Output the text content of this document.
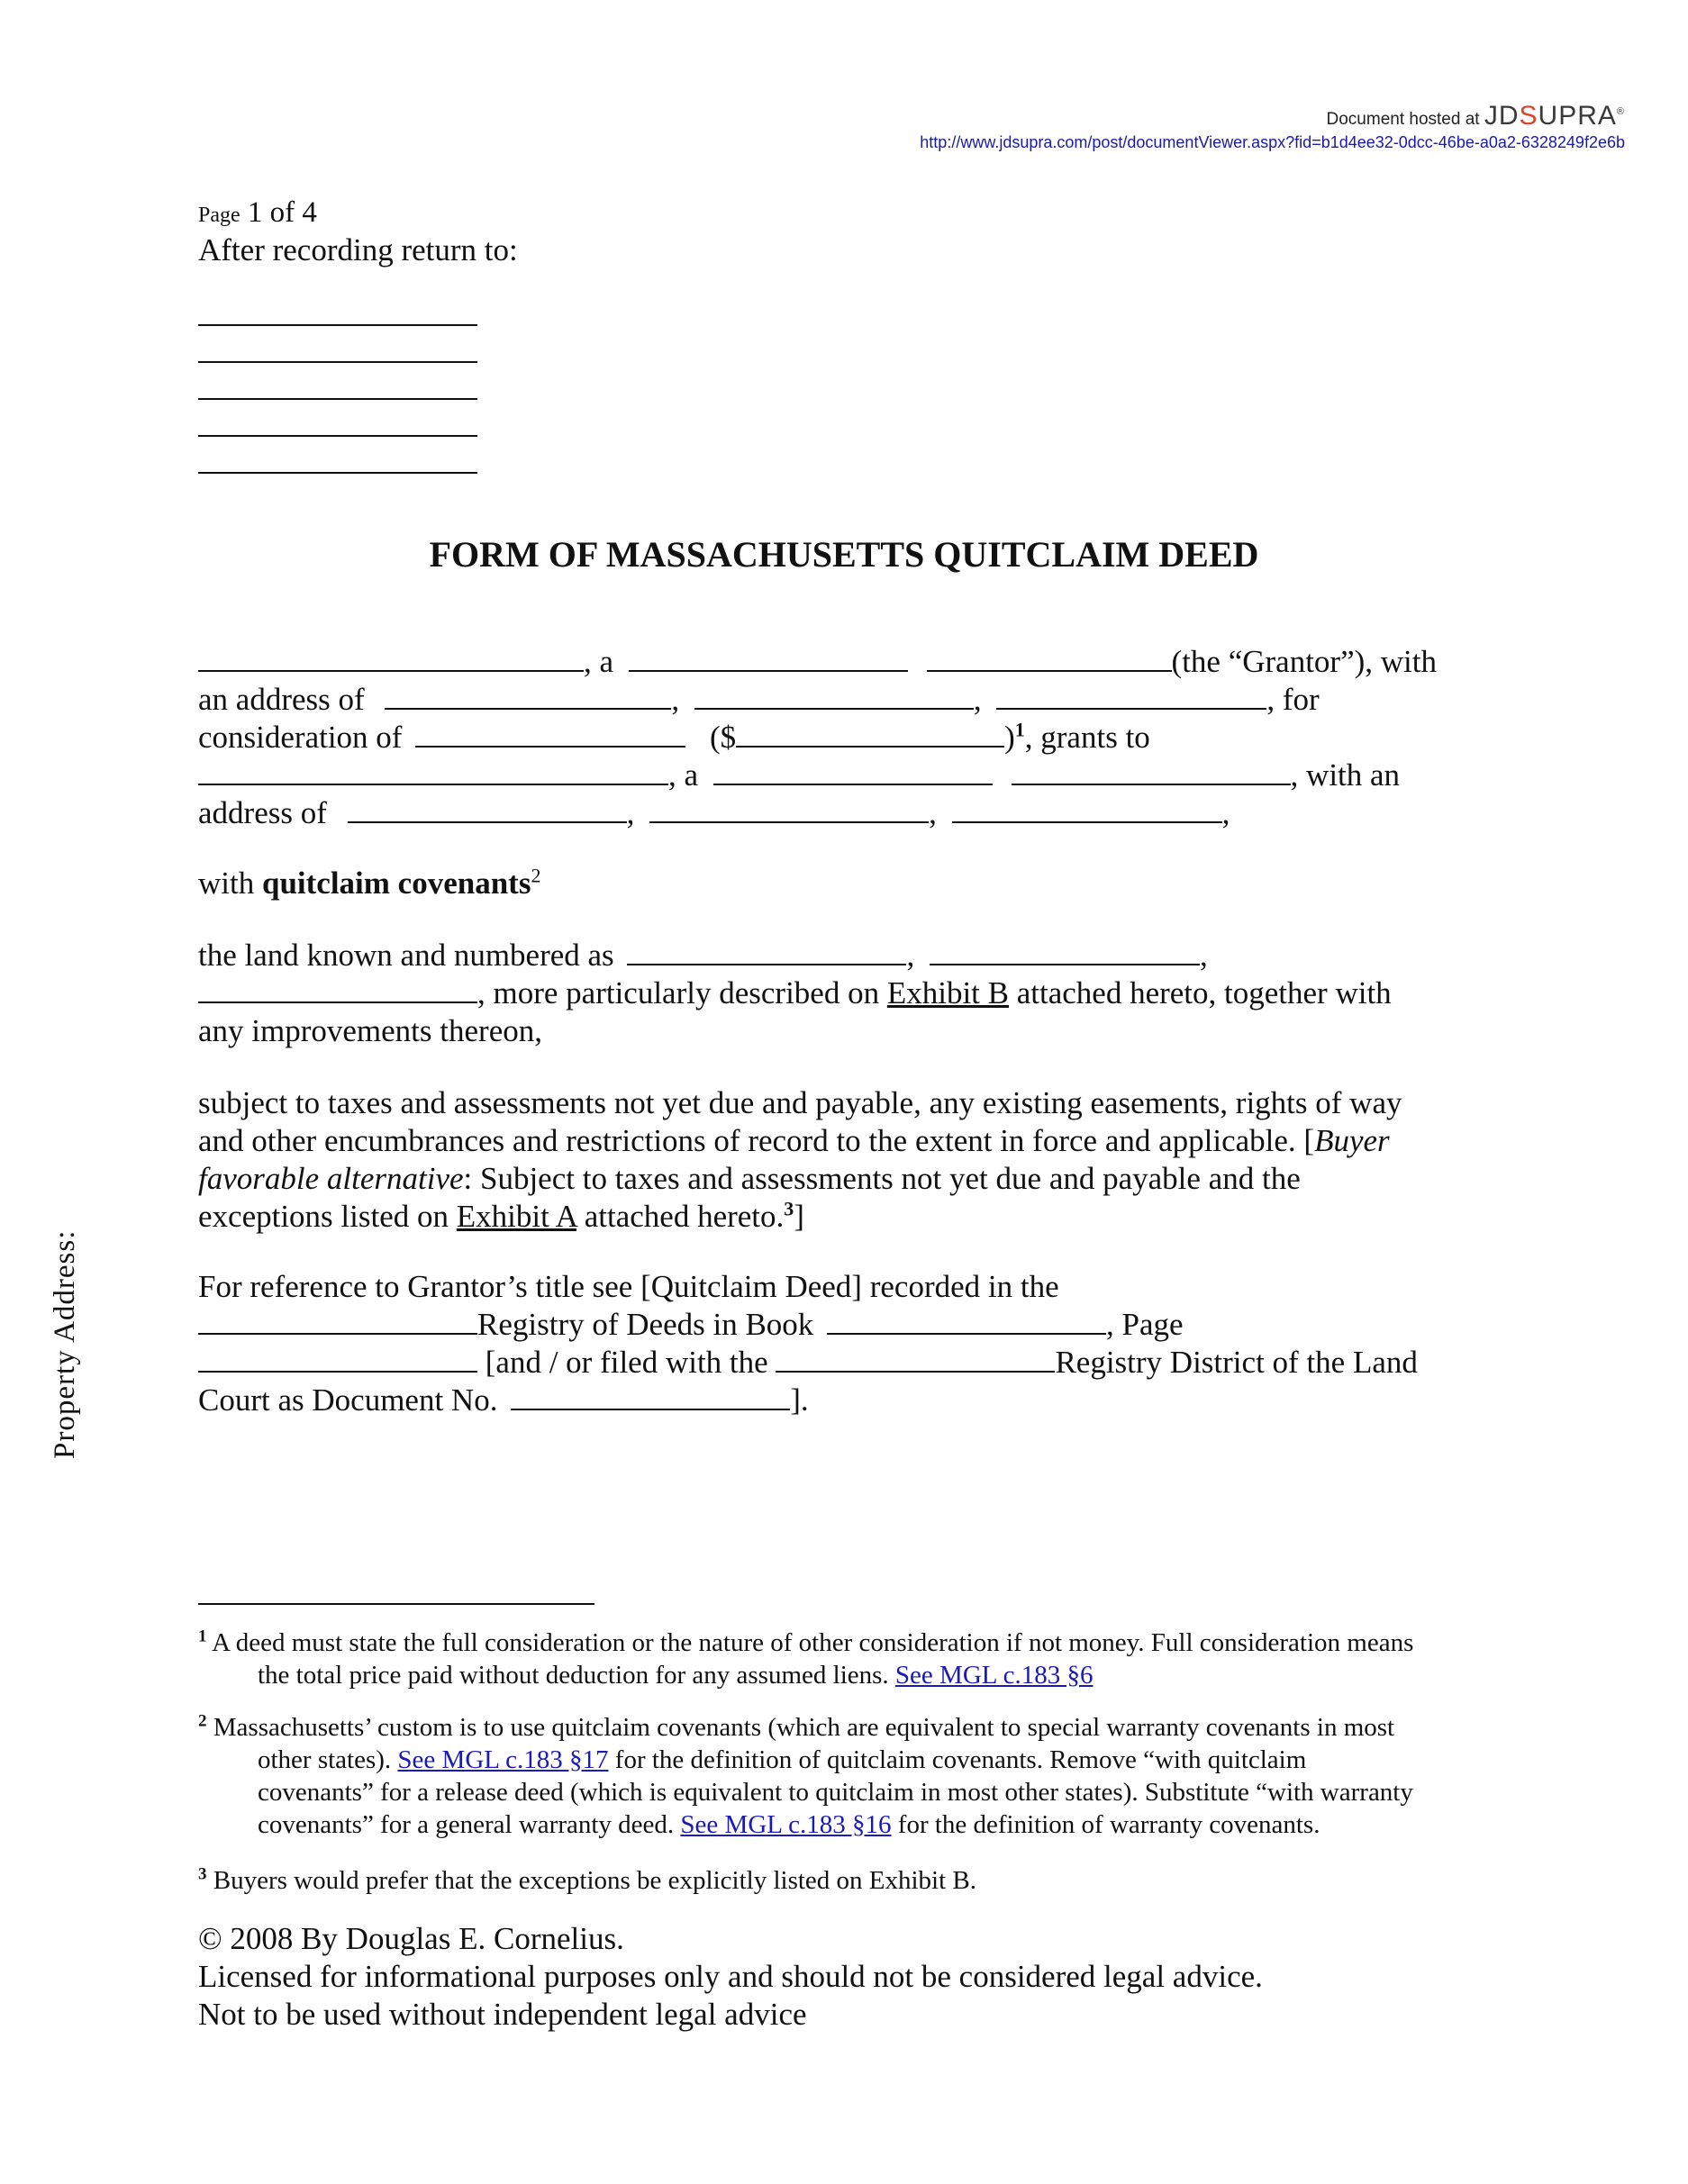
Document hosted at JDSUPRA®
http://www.jdsupra.com/post/documentViewer.aspx?fid=b1d4ee32-0dcc-46be-a0a2-6328249f2e6b
Page 1 of 4
After recording return to:
FORM OF MASSACHUSETTS QUITCLAIM DEED
, a	(the “Grantor”), with
an address of	,	,	, for
consideration of	($	)$^1$, grants to
, a	, with an
address of	,	,	,
with quitclaim covenants$^2$
the land known and numbered as	,	,
, more particularly described on Exhibit B attached hereto, together with
any improvements thereon,
subject to taxes and assessments not yet due and payable, any existing easements, rights of way
and other encumbrances and restrictions of record to the extent in force and applicable. [Buyer
favorable alternative: Subject to taxes and assessments not yet due and payable and the
exceptions listed on Exhibit A attached hereto.$^3$]
For reference to Grantor’s title see [Quitclaim Deed] recorded in the
Registry of Deeds in Book	, Page
[and / or filed with the	Registry District of the Land
Court as Document No.	].
Property Address:
$^1$ A deed must state the full consideration or the nature of other consideration if not money. Full consideration means
the total price paid without deduction for any assumed liens. See MGL c.183 §6
$^2$ Massachusetts’ custom is to use quitclaim covenants (which are equivalent to special warranty covenants in most
other states). See MGL c.183 §17 for the definition of quitclaim covenants. Remove “with quitclaim
covenants” for a release deed (which is equivalent to quitclaim in most other states). Substitute “with warranty
covenants” for a general warranty deed. See MGL c.183 §16 for the definition of warranty covenants.
$^3$ Buyers would prefer that the exceptions be explicitly listed on Exhibit B.
© 2008 By Douglas E. Cornelius.
Licensed for informational purposes only and should not be considered legal advice.
Not to be used without independent legal advice
